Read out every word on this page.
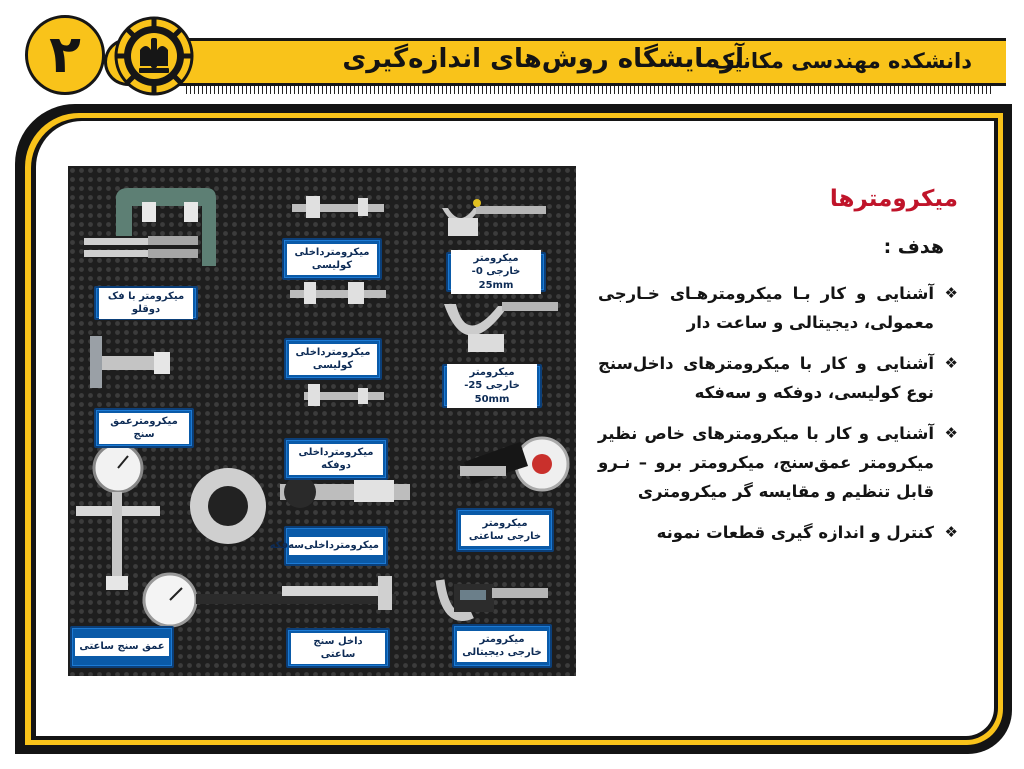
آزمایشگاه روش‌های اندازه‌گیری
دانشکده مهندسی مکانیک
۲
میکرومتر با فک دوقلو
میکرومترداخلی کولیسی
میکرومتر خارجی 0-25mm
میکرومترداخلی کولیسی
میکرومتر خارجی 25-50mm
میکرومترعمق سنج
میکرومترداخلی دوفکه
میکرومتر خارجی ساعتی
میکرومترداخلی‌سه‌فکه
عمق سنج ساعتی
داخل سنج ساعتی
میکرومتر خارجی دیجیتالی
میکرومترها
هدف :
❖
آشنایی و کار بـا میکرومترهـای خـارجی معمولی، دیجیتالی و ساعت دار
❖
آشنایی و کار با میکرومترهای داخل‌سنج نوع کولیسی، دوفکه و سه‌فکه
❖
آشنایی و کار با میکرومترهای خاص نظیر میکرومتر عمق‌سنج، میکرومتر برو – نـرو قابل تنظیم و مقایسه گر میکرومتری
❖
کنترل و اندازه گیری قطعات نمونه
